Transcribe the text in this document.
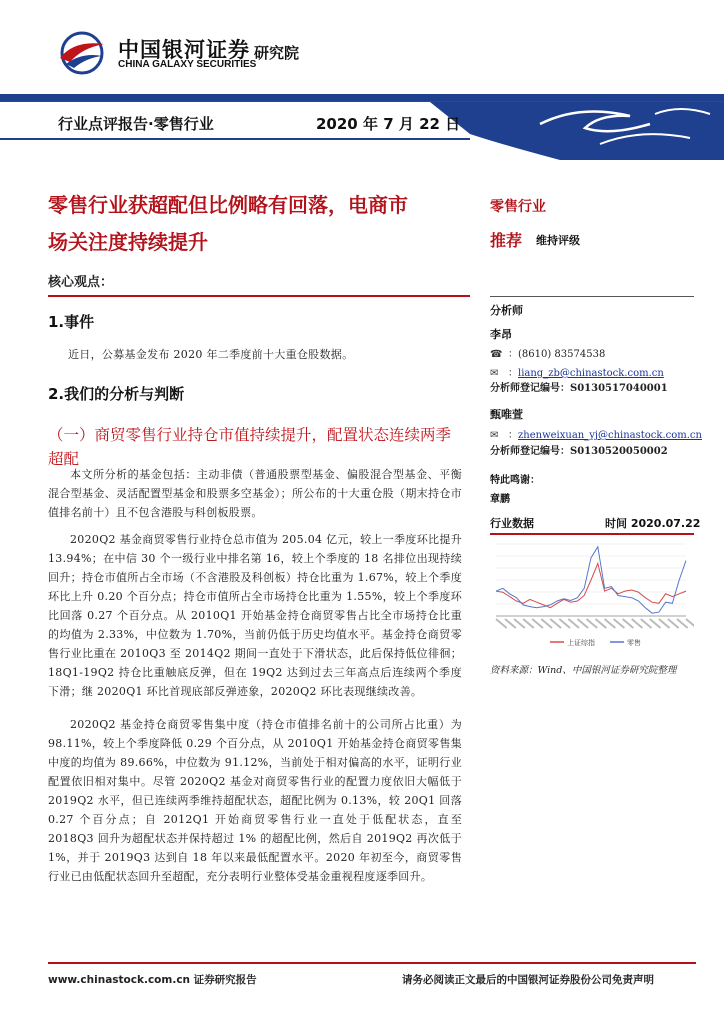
中国银河证券
CHINA GALAXY SECURITIES
研究院
行业点评报告·零售行业	2020 年 7 月 22 日
零售行业获超配但比例略有回落，电商市
场关注度持续提升
零售行业
推荐 维持评级
分析师
李昂
☎ ：(8610) 83574538
✉ ：liang_zb@chinastock.com.cn
分析师登记编号：S0130517040001
甄唯萱
✉ ：zhenweixuan_yj@chinastock.com.cn
分析师登记编号：S0130520050002
特此鸣谢：
章鹏
行业数据	时间 2020.07.22
上证综指	零售
资料来源：Wind、中国银河证券研究院整理
核心观点：
1.事件
近日，公募基金发布 2020 年二季度前十大重仓股数据。
2.我们的分析与判断
（一）商贸零售行业持仓市值持续提升，配置状态连续两季超配
本文所分析的基金包括：主动非债（普通股票型基金、偏股混合型基金、平衡混合型基金、灵活配置型基金和股票多空基金）；所公布的十大重仓股（期末持仓市值排名前十）且不包含港股与科创板股票。
2020Q2 基金商贸零售行业持仓总市值为 205.04 亿元，较上一季度环比提升 13.94%；在中信 30 个一级行业中排名第 16，较上个季度的 18 名排位出现持续回升；持仓市值所占全市场（不含港股及科创板）持仓比重为 1.67%，较上个季度环比上升 0.20 个百分点；持仓市值所占全市场持仓比重为 1.55%，较上个季度环比回落 0.27 个百分点。从 2010Q1 开始基金持仓商贸零售占比全市场持仓比重的均值为 2.33%，中位数为 1.70%，当前仍低于历史均值水平。基金持仓商贸零售行业比重在 2010Q3 至 2014Q2 期间一直处于下滑状态，此后保持低位徘徊；18Q1-19Q2 持仓比重触底反弹，但在 19Q2 达到过去三年高点后连续两个季度下滑；继 2020Q1 环比首现底部反弹迹象，2020Q2 环比表现继续改善。
2020Q2 基金持仓商贸零售集中度（持仓市值排名前十的公司所占比重）为 98.11%，较上个季度降低 0.29 个百分点，从 2010Q1 开始基金持仓商贸零售集中度的均值为 89.66%，中位数为 91.12%，当前处于相对偏高的水平，证明行业配置依旧相对集中。尽管 2020Q2 基金对商贸零售行业的配置力度依旧大幅低于 2019Q2 水平，但已连续两季维持超配状态，超配比例为 0.13%，较 20Q1 回落 0.27 个百分点；自 2012Q1 开始商贸零售行业一直处于低配状态，直至 2018Q3 回升为超配状态并保持超过 1% 的超配比例，然后自 2019Q2 再次低于 1%，并于 2019Q3 达到自 18 年以来最低配置水平。2020 年初至今，商贸零售行业已由低配状态回升至超配，充分表明行业整体受基金重视程度逐季回升。
www.chinastock.com.cn 证券研究报告	请务必阅读正文最后的中国银河证券股份公司免责声明
